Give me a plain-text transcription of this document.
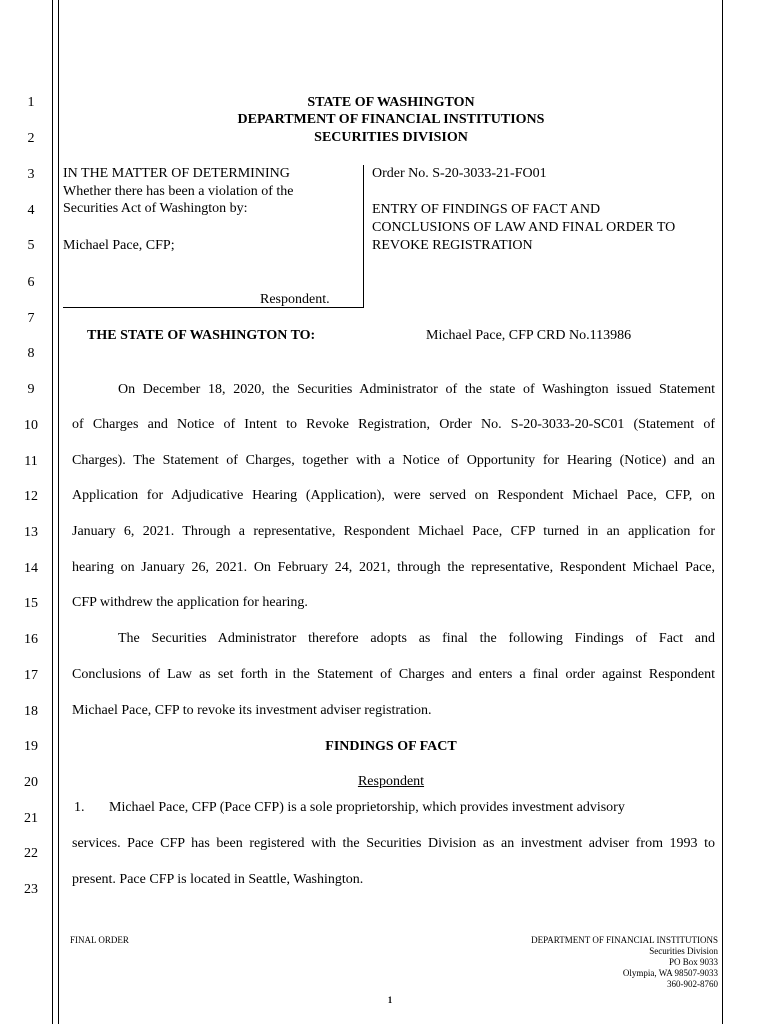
1
2
3
4
5
6
7
8
9
10
11
12
13
14
15
16
17
18
19
20
21
22
23
STATE OF WASHINGTON
DEPARTMENT OF FINANCIAL INSTITUTIONS
SECURITIES DIVISION
IN THE MATTER OF DETERMINING
Whether there has been a violation of the
Securities Act of Washington by:
Michael Pace, CFP;
Respondent.
Order No. S-20-3033-21-FO01
ENTRY OF FINDINGS OF FACT AND
CONCLUSIONS OF LAW AND FINAL ORDER TO
REVOKE REGISTRATION
THE STATE OF WASHINGTON TO:	Michael Pace, CFP CRD No.113986
On December 18, 2020, the Securities Administrator of the state of Washington issued Statement
of Charges and Notice of Intent to Revoke Registration, Order No. S-20-3033-20-SC01 (Statement of
Charges). The Statement of Charges, together with a Notice of Opportunity for Hearing (Notice) and an
Application for Adjudicative Hearing (Application), were served on Respondent Michael Pace, CFP, on
January 6, 2021. Through a representative, Respondent Michael Pace, CFP turned in an application for
hearing on January 26, 2021. On February 24, 2021, through the representative, Respondent Michael Pace,
CFP withdrew the application for hearing.
The Securities Administrator therefore adopts as final the following Findings of Fact and
Conclusions of Law as set forth in the Statement of Charges and enters a final order against Respondent
Michael Pace, CFP to revoke its investment adviser registration.
FINDINGS OF FACT
Respondent
1. Michael Pace, CFP (Pace CFP) is a sole proprietorship, which provides investment advisory
services. Pace CFP has been registered with the Securities Division as an investment adviser from 1993 to
present. Pace CFP is located in Seattle, Washington.
FINAL ORDER
1
DEPARTMENT OF FINANCIAL INSTITUTIONS
Securities Division
PO Box 9033
Olympia, WA 98507-9033
360-902-8760
